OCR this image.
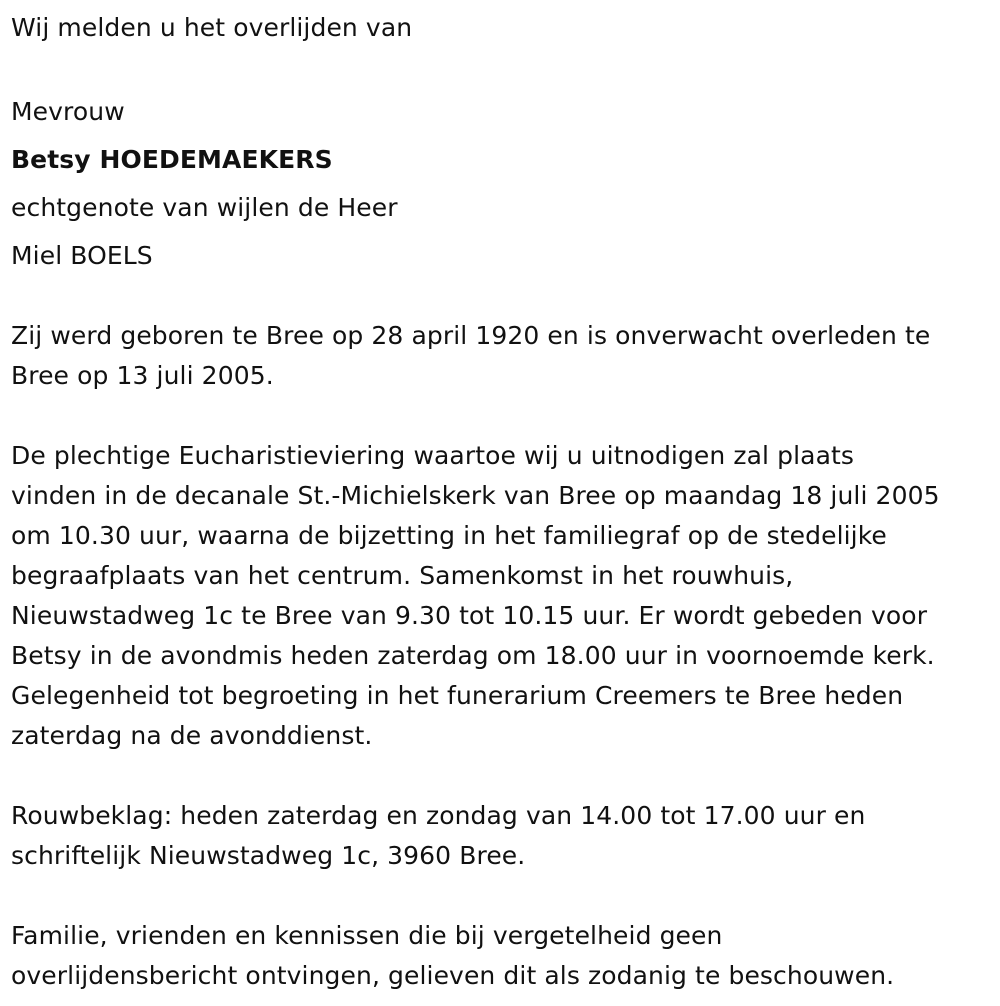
Wij melden u het overlijden van
Mevrouw
Betsy HOEDEMAEKERS
echtgenote van wijlen de Heer
Miel BOELS
Zij werd geboren te Bree op 28 april 1920 en is onverwacht overleden te
Bree op 13 juli 2005.
De plechtige Eucharistieviering waartoe wij u uitnodigen zal plaats
vinden in de decanale St.-Michielskerk van Bree op maandag 18 juli 2005
om 10.30 uur, waarna de bijzetting in het familiegraf op de stedelijke
begraafplaats van het centrum. Samenkomst in het rouwhuis,
Nieuwstadweg 1c te Bree van 9.30 tot 10.15 uur. Er wordt gebeden voor
Betsy in de avondmis heden zaterdag om 18.00 uur in voornoemde kerk.
Gelegenheid tot begroeting in het funerarium Creemers te Bree heden
zaterdag na de avonddienst.
Rouwbeklag: heden zaterdag en zondag van 14.00 tot 17.00 uur en
schriftelijk Nieuwstadweg 1c, 3960 Bree.
Familie, vrienden en kennissen die bij vergetelheid geen
overlijdensbericht ontvingen, gelieven dit als zodanig te beschouwen.
